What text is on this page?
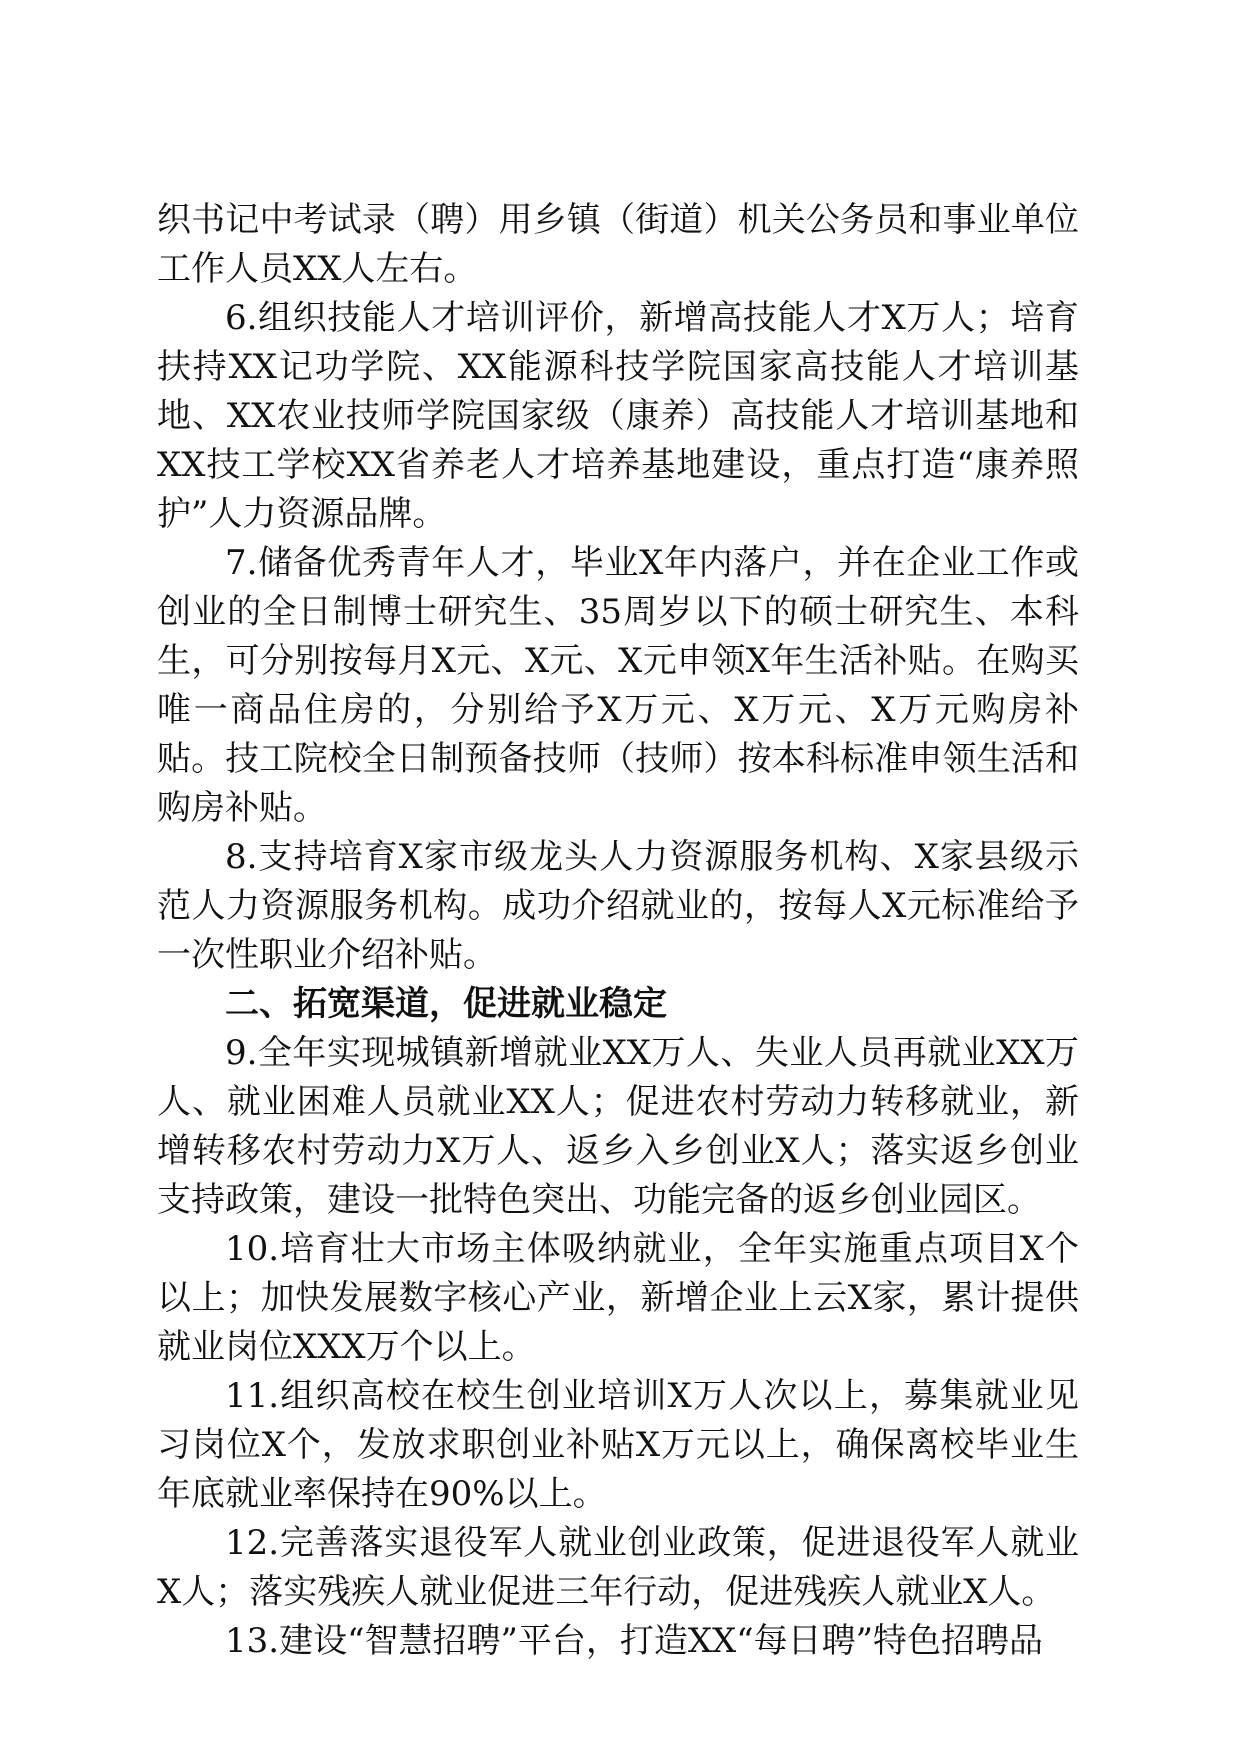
织书记中考试录（聘）用乡镇（街道）机关公务员和事业单位工作人员XX人左右。

6.组织技能人才培训评价，新增高技能人才X万人；培育扶持XX记功学院、XX能源科技学院国家高技能人才培训基地、XX农业技师学院国家级（康养）高技能人才培训基地和XX技工学校XX省养老人才培养基地建设，重点打造“康养照护”人力资源品牌。

7.储备优秀青年人才，毕业X年内落户，并在企业工作或创业的全日制博士研究生、35周岁以下的硕士研究生、本科生，可分别按每月X元、X元、X元申领X年生活补贴。在购买唯一商品住房的，分别给予X万元、X万元、X万元购房补贴。技工院校全日制预备技师（技师）按本科标准申领生活和购房补贴。

8.支持培育X家市级龙头人力资源服务机构、X家县级示范人力资源服务机构。成功介绍就业的，按每人X元标准给予一次性职业介绍补贴。

二、拓宽渠道，促进就业稳定

9.全年实现城镇新增就业XX万人、失业人员再就业XX万人、就业困难人员就业XX人；促进农村劳动力转移就业，新增转移农村劳动力X万人、返乡入乡创业X人；落实返乡创业支持政策，建设一批特色突出、功能完备的返乡创业园区。

10.培育壮大市场主体吸纳就业，全年实施重点项目X个以上；加快发展数字核心产业，新增企业上云X家，累计提供就业岗位XXX万个以上。

11.组织高校在校生创业培训X万人次以上，募集就业见习岗位X个，发放求职创业补贴X万元以上，确保离校毕业生年底就业率保持在90%以上。

12.完善落实退役军人就业创业政策，促进退役军人就业X人；落实残疾人就业促进三年行动，促进残疾人就业X人。

13.建设“智慧招聘”平台，打造XX“每日聘”特色招聘品
